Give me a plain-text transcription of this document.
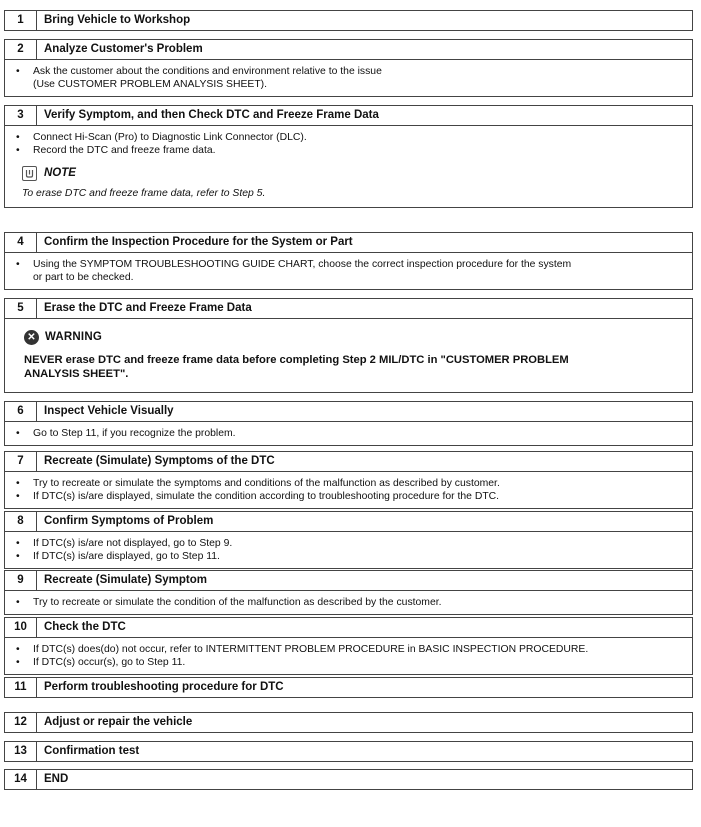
1	Bring Vehicle to Workshop
2	Analyze Customer's Problem
• Ask the customer about the conditions and environment relative to the issue
(Use CUSTOMER PROBLEM ANALYSIS SHEET).
3	Verify Symptom, and then Check DTC and Freeze Frame Data
• Connect Hi-Scan (Pro) to Diagnostic Link Connector (DLC).
• Record the DTC and freeze frame data.
NOTE
To erase DTC and freeze frame data, refer to Step 5.
4	Confirm the Inspection Procedure for the System or Part
• Using the SYMPTOM TROUBLESHOOTING GUIDE CHART, choose the correct inspection procedure for the system
or part to be checked.
5	Erase the DTC and Freeze Frame Data
✕ WARNING
NEVER erase DTC and freeze frame data before completing Step 2 MIL/DTC in "CUSTOMER PROBLEM
ANALYSIS SHEET".
6	Inspect Vehicle Visually
• Go to Step 11, if you recognize the problem.
7	Recreate (Simulate) Symptoms of the DTC
• Try to recreate or simulate the symptoms and conditions of the malfunction as described by customer.
• If DTC(s) is/are displayed, simulate the condition according to troubleshooting procedure for the DTC.
8	Confirm Symptoms of Problem
• If DTC(s) is/are not displayed, go to Step 9.
• If DTC(s) is/are displayed, go to Step 11.
9	Recreate (Simulate) Symptom
• Try to recreate or simulate the condition of the malfunction as described by the customer.
10	Check the DTC
• If DTC(s) does(do) not occur, refer to INTERMITTENT PROBLEM PROCEDURE in BASIC INSPECTION PROCEDURE.
• If DTC(s) occur(s), go to Step 11.
11	Perform troubleshooting procedure for DTC
12	Adjust or repair the vehicle
13	Confirmation test
14	END
